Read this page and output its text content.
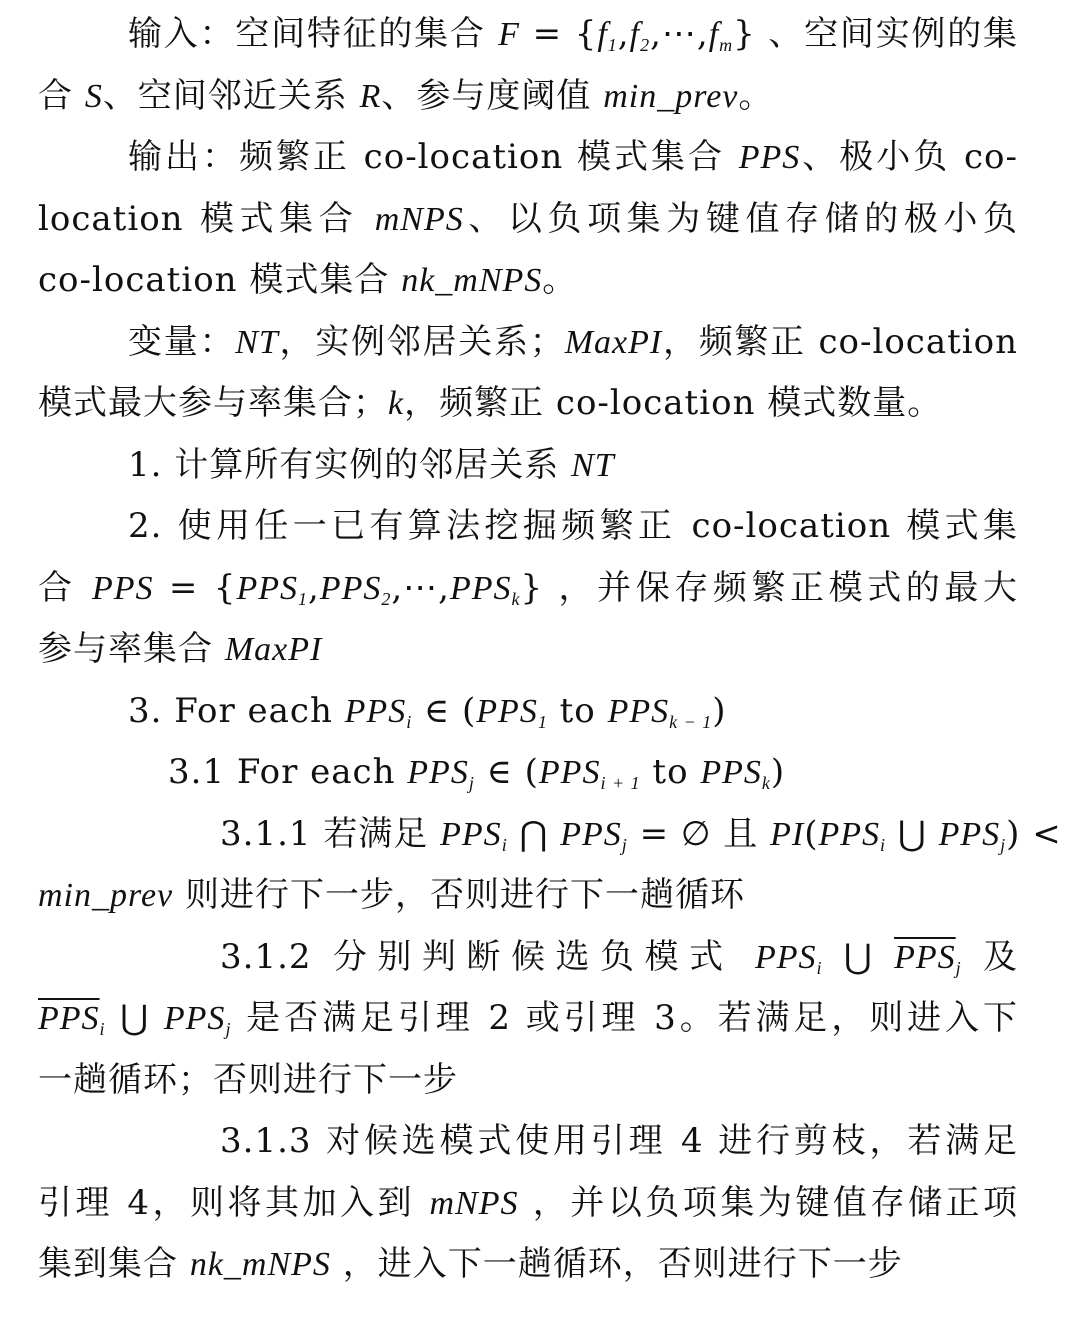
输入：空间特征的集合 $F = \{f_1,f_2,\cdots,f_m\}$ 、空间实例的集
合 S、空间邻近关系 R、参与度阈值 min_prev。
输出：频繁正 co-location 模式集合 PPS、极小负 co-
location 模式集合 mNPS、以负项集为键值存储的极小负
co-location 模式集合 nk_mNPS。
变量：NT，实例邻居关系；MaxPI，频繁正 co-location
模式最大参与率集合；k，频繁正 co-location 模式数量。
1. 计算所有实例的邻居关系 NT
2. 使用任一已有算法挖掘频繁正 co-location 模式集
合 PPS = $\{PPS_1,PPS_2,\cdots,PPS_k\}$ ，并保存频繁正模式的最大
参与率集合 MaxPI
3. For each $PPS_i$ ∈ ($PPS_1$ to $PPS_{k - 1}$)
3.1 For each $PPS_j$ ∈ ($PPS_{i + 1}$ to $PPS_k$)
3.1.1 若满足 $PPS_i$ ⋂ $PPS_j$ = ∅ 且 $PI(PPS_i$ ⋃ $PPS_j$) <
min_prev 则进行下一步，否则进行下一趟循环
3.1.2 分别判断候选负模式 $PPS_i$ ⋃ $\overline{PPS}_j$ 及
$\overline{PPS}_i$ ⋃ $PPS_j$ 是否满足引理 2 或引理 3。若满足，则进入下
一趟循环；否则进行下一步
3.1.3 对候选模式使用引理 4 进行剪枝，若满足
引理 4，则将其加入到 mNPS ，并以负项集为键值存储正项
集到集合 nk_mNPS ，进入下一趟循环，否则进行下一步
